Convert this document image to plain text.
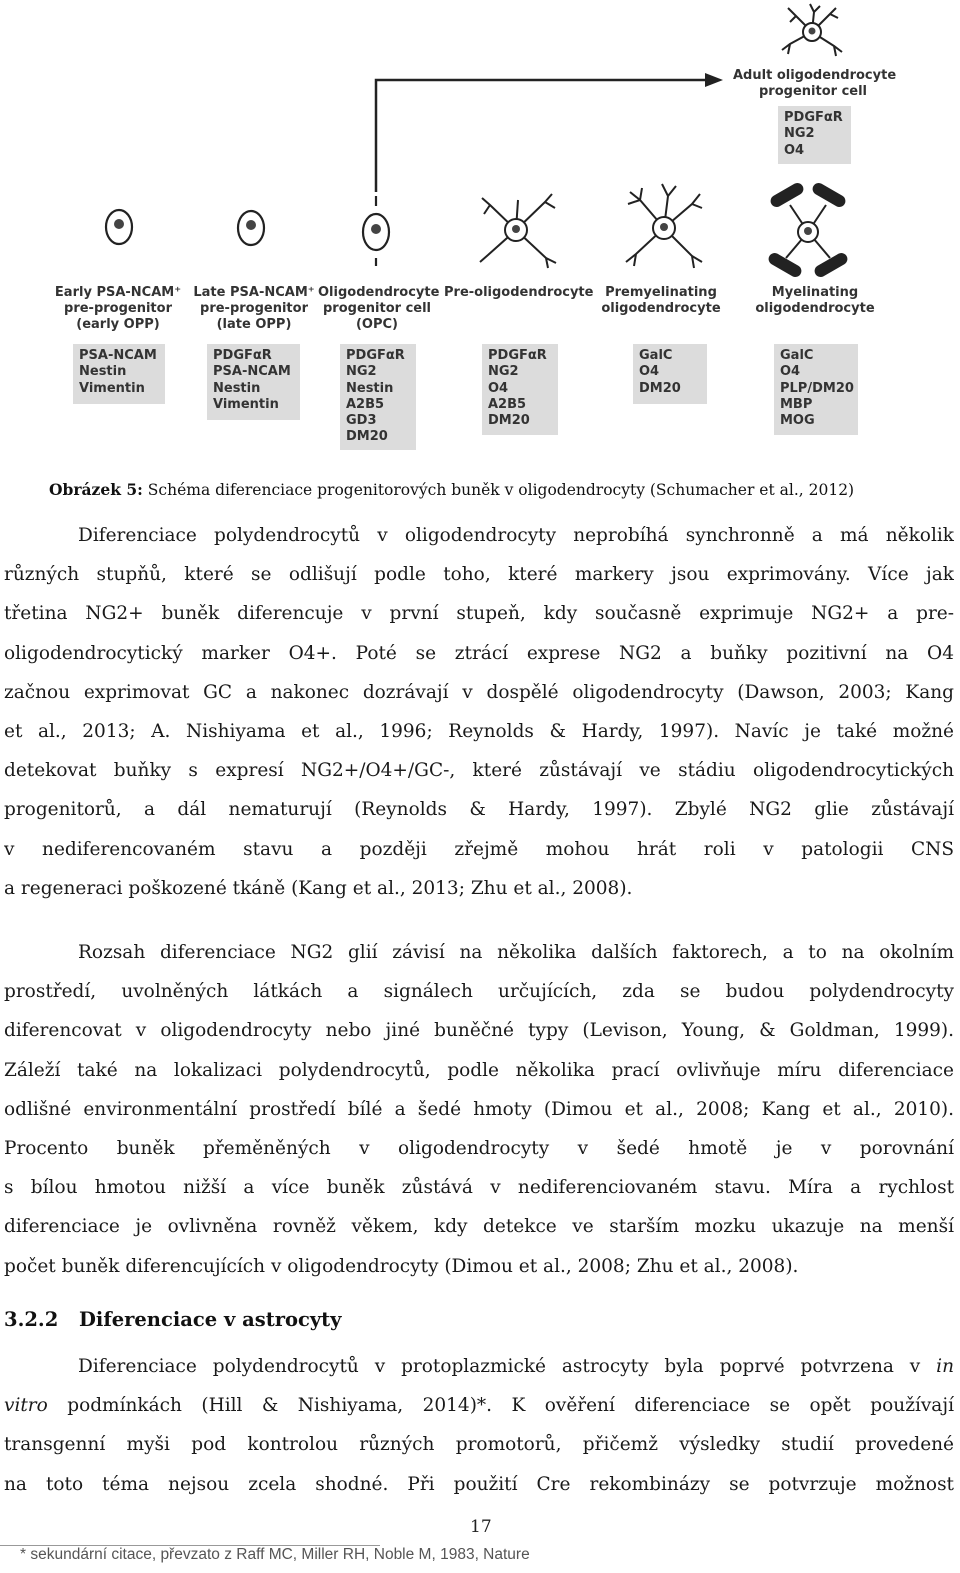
Adult oligodendrocyte
progenitor cell
PDGFαR
NG2
O4
Early PSA-NCAM⁺
pre-progenitor
(early OPP)
Late PSA-NCAM⁺
pre-progenitor
(late OPP)
Oligodendrocyte
progenitor cell
(OPC)
Pre-oligodendrocyte Premyelinating
oligodendrocyte
Myelinating
oligodendrocyte
PSA-NCAM
Nestin
Vimentin
PDGFαR
PSA-NCAM
Nestin
Vimentin
PDGFαR
NG2
Nestin
A2B5
GD3
DM20
PDGFαR
NG2
O4
A2B5
DM20
GalC
O4
DM20
GalC
O4
PLP/DM20
MBP
MOG
Obrázek 5: Schéma diferenciace progenitorových buněk v oligodendrocyty (Schumacher et al., 2012)
Diferenciace polydendrocytů v oligodendrocyty neprobíhá synchronně a má několik
různých stupňů, které se odlišují podle toho, které markery jsou exprimovány. Více jak
třetina NG2+ buněk diferencuje v první stupeň, kdy současně exprimuje NG2+ a pre-
oligodendrocytický marker O4+. Poté se ztrácí exprese NG2 a buňky pozitivní na O4
začnou exprimovat GC a nakonec dozrávají v dospělé oligodendrocyty (Dawson, 2003; Kang
et al., 2013; A. Nishiyama et al., 1996; Reynolds & Hardy, 1997). Navíc je také možné
detekovat buňky s expresí NG2+/O4+/GC-, které zůstávají ve stádiu oligodendrocytických
progenitorů, a dál nematurují (Reynolds & Hardy, 1997). Zbylé NG2 glie zůstávají
v nediferencovaném stavu a později zřejmě mohou hrát roli v patologii CNS
a regeneraci poškozené tkáně (Kang et al., 2013; Zhu et al., 2008).
Rozsah diferenciace NG2 glií závisí na několika dalších faktorech, a to na okolním
prostředí, uvolněných látkách a signálech určujících, zda se budou polydendrocyty
diferencovat v oligodendrocyty nebo jiné buněčné typy (Levison, Young, & Goldman, 1999).
Záleží také na lokalizaci polydendrocytů, podle několika prací ovlivňuje míru diferenciace
odlišné environmentální prostředí bílé a šedé hmoty (Dimou et al., 2008; Kang et al., 2010).
Procento buněk přeměněných v oligodendrocyty v šedé hmotě je v porovnání
s bílou hmotou nižší a více buněk zůstává v nediferenciovaném stavu. Míra a rychlost
diferenciace je ovlivněna rovněž věkem, kdy detekce ve starším mozku ukazuje na menší
počet buněk diferencujících v oligodendrocyty (Dimou et al., 2008; Zhu et al., 2008).
3.2.2 Diferenciace v astrocyty
Diferenciace polydendrocytů v protoplazmické astrocyty byla poprvé potvrzena v in
vitro podmínkách (Hill & Nishiyama, 2014)*. K ověření diferenciace se opět používají
transgenní myši pod kontrolou různých promotorů, přičemž výsledky studií provedené
na toto téma nejsou zcela shodné. Při použití Cre rekombinázy se potvrzuje možnost
17
* sekundární citace, převzato z Raff MC, Miller RH, Noble M, 1983, Nature
